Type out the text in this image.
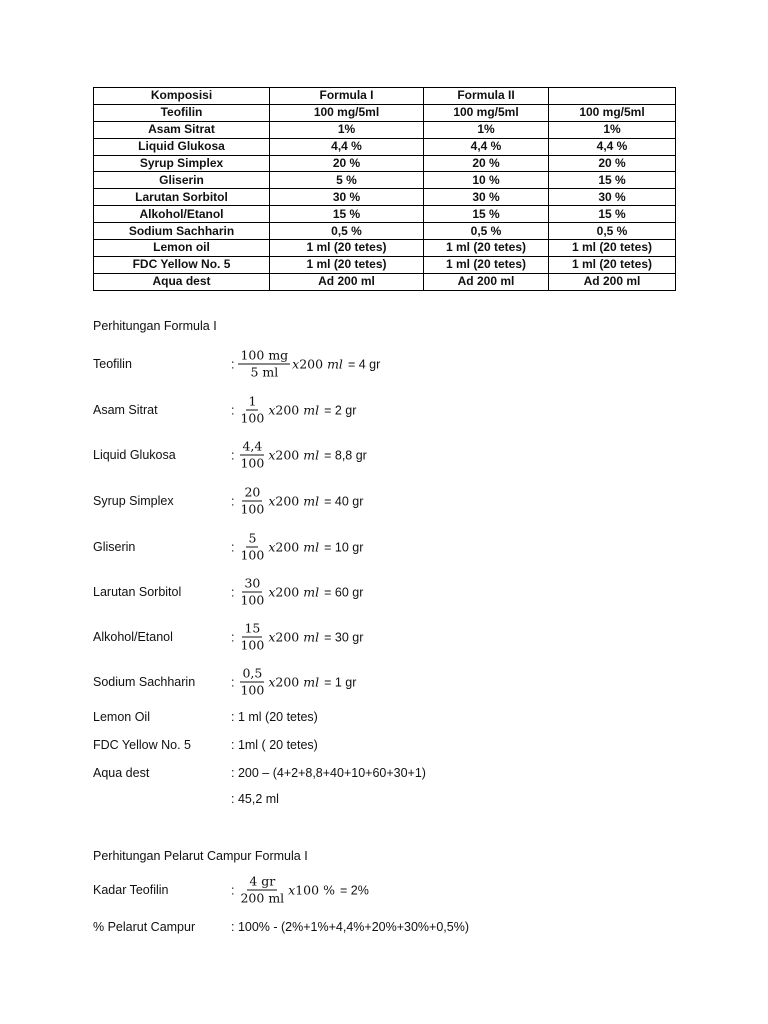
Komposisi	Formula I	Formula II	
Teofilin	100 mg/5ml	100 mg/5ml	100 mg/5ml
Asam Sitrat	1%	1%	1%
Liquid Glukosa	4,4 %	4,4 %	4,4 %
Syrup Simplex	20 %	20 %	20 %
Gliserin	5 %	10 %	15 %
Larutan Sorbitol	30 %	30 %	30 %
Alkohol/Etanol	15 %	15 %	15 %
Sodium Sachharin	0,5 %	0,5 %	0,5 %
Lemon oil	1 ml (20 tetes)	1 ml (20 tetes)	1 ml (20 tetes)
FDC Yellow No. 5	1 ml (20 tetes)	1 ml (20 tetes)	1 ml (20 tetes)
Aqua dest	Ad 200 ml	Ad 200 ml	Ad 200 ml
Perhitungan Formula I
Teofilin	: $\frac{100 mg}{5 ml} x200$ ml = 4 gr
Asam Sitrat	: $\frac{1}{100} x200$ ml = 2 gr
Liquid Glukosa	: $\frac{4,4}{100} x200$ ml = 8,8 gr
Syrup Simplex	: $\frac{20}{100} x200$ ml = 40 gr
Gliserin	: $\frac{5}{100} x200$ ml = 10 gr
Larutan Sorbitol	: $\frac{30}{100} x200$ ml = 60 gr
Alkohol/Etanol	: $\frac{15}{100} x200$ ml = 30 gr
Sodium Sachharin	: $\frac{0,5}{100} x200$ ml = 1 gr
Lemon Oil	: 1 ml (20 tetes)
FDC Yellow No. 5	: 1ml ( 20 tetes)
Aqua dest	: 200 – (4+2+8,8+40+10+60+30+1)
: 45,2 ml
Perhitungan Pelarut Campur Formula I
Kadar Teofilin	: $\frac{4 gr}{200 ml} x100$ % = 2%
% Pelarut Campur	: 100% - (2%+1%+4,4%+20%+30%+0,5%)
